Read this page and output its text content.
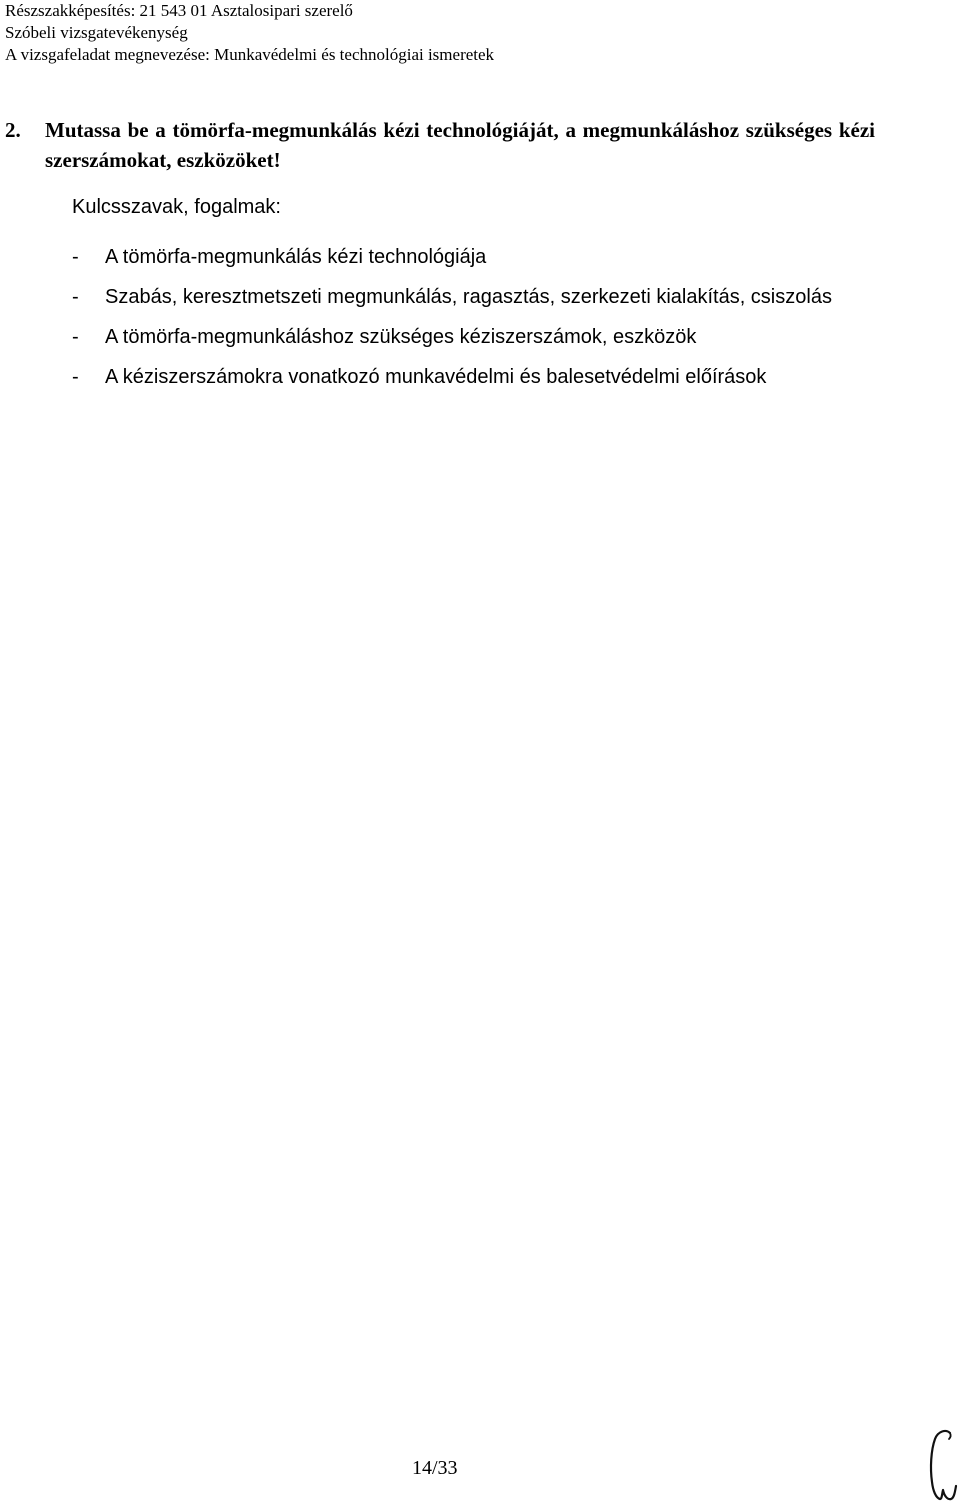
Részszakképesítés: 21 543 01 Asztalosipari szerelő
Szóbeli vizsgatevékenység
A vizsgafeladat megnevezése: Munkavédelmi és technológiai ismeretek
2. Mutassa be a tömörfa-megmunkálás kézi technológiáját, a megmunkáláshoz szükséges kézi szerszámokat, eszközöket!
Kulcsszavak, fogalmak:
- A tömörfa-megmunkálás kézi technológiája
- Szabás, keresztmetszeti megmunkálás, ragasztás, szerkezeti kialakítás, csiszolás
- A tömörfa-megmunkáláshoz szükséges kéziszerszámok, eszközök
- A kéziszerszámokra vonatkozó munkavédelmi és balesetvédelmi előírások
14/33
